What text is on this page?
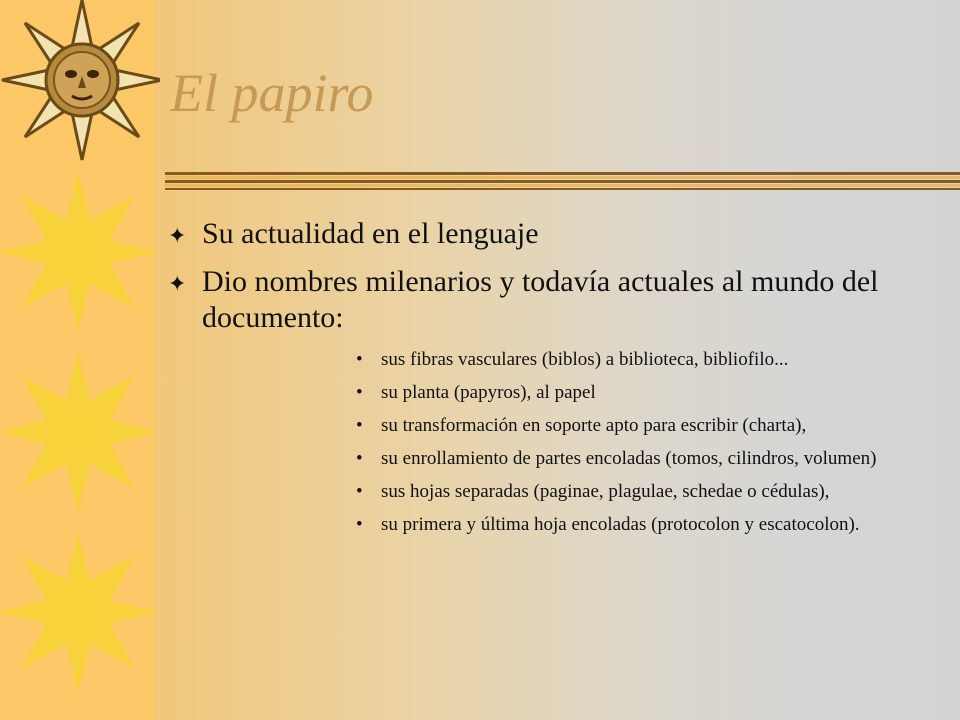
El papiro
✦ Su actualidad en el lenguaje
✦ Dio nombres milenarios y todavía actuales al mundo del documento:
• sus fibras vasculares (biblos) a biblioteca, bibliofilo...
• su planta (papyros), al papel
• su transformación en soporte apto para escribir (charta),
• su enrollamiento de partes encoladas (tomos, cilindros, volumen)
• sus hojas separadas (paginae, plagulae, schedae o cédulas),
• su primera y última hoja encoladas (protocolon y escatocolon).
